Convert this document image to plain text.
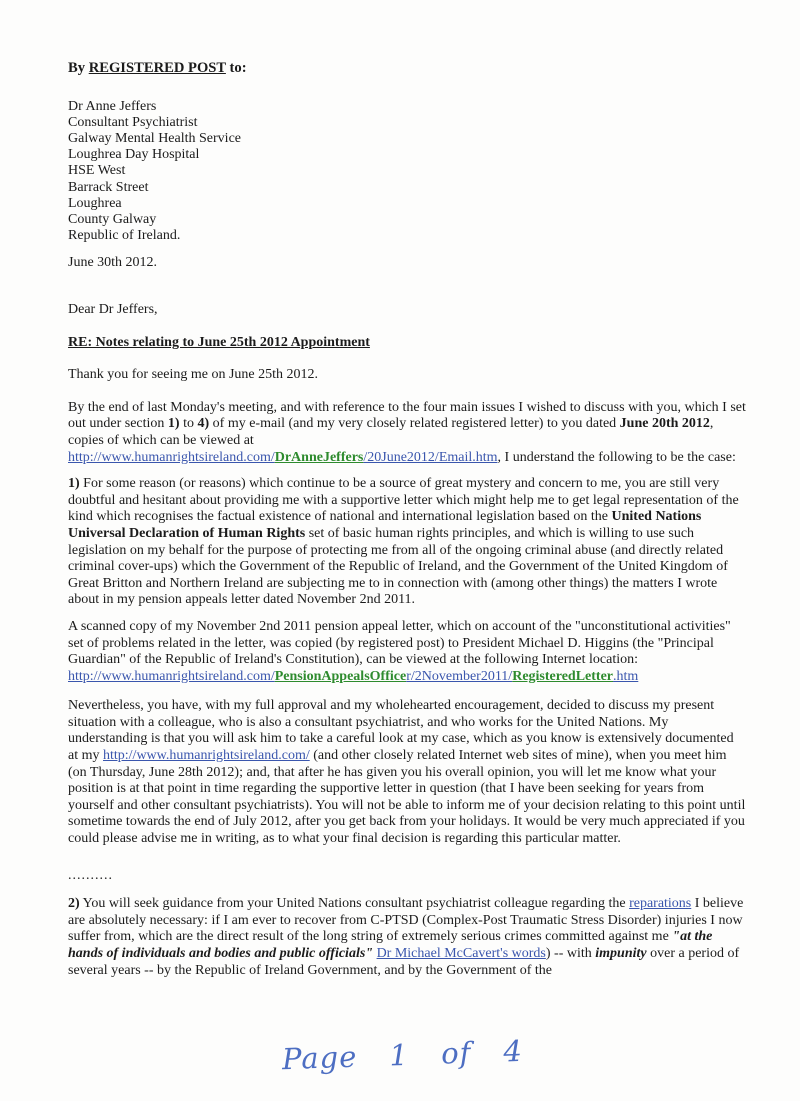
By REGISTERED POST to:

Dr Anne Jeffers
Consultant Psychiatrist
Galway Mental Health Service
Loughrea Day Hospital
HSE West
Barrack Street
Loughrea
County Galway
Republic of Ireland.

June 30th 2012.

Dear Dr Jeffers,

RE: Notes relating to June 25th 2012 Appointment

Thank you for seeing me on June 25th 2012.

By the end of last Monday's meeting, and with reference to the four main issues I wished to discuss with you, which I set out under section 1) to 4) of my e-mail (and my very closely related registered letter) to you dated June 20th 2012, copies of which can be viewed at
http://www.humanrightsireland.com/DrAnneJeffers/20June2012/Email.htm, I understand the following to be the case:

1) For some reason (or reasons) which continue to be a source of great mystery and concern to me, you are still very doubtful and hesitant about providing me with a supportive letter which might help me to get legal representation of the kind which recognises the factual existence of national and international legislation based on the United Nations Universal Declaration of Human Rights set of basic human rights principles, and which is willing to use such legislation on my behalf for the purpose of protecting me from all of the ongoing criminal abuse (and directly related criminal cover-ups) which the Government of the Republic of Ireland, and the Government of the United Kingdom of Great Britton and Northern Ireland are subjecting me to in connection with (among other things) the matters I wrote about in my pension appeals letter dated November 2nd 2011.

A scanned copy of my November 2nd 2011 pension appeal letter, which on account of the "unconstitutional activities" set of problems related in the letter, was copied (by registered post) to President Michael D. Higgins (the "Principal Guardian" of the Republic of Ireland's Constitution), can be viewed at the following Internet location:
http://www.humanrightsireland.com/PensionAppealsOfficer/2November2011/RegisteredLetter.htm

Nevertheless, you have, with my full approval and my wholehearted encouragement, decided to discuss my present situation with a colleague, who is also a consultant psychiatrist, and who works for the United Nations. My understanding is that you will ask him to take a careful look at my case, which as you know is extensively documented at my http://www.humanrightsireland.com/ (and other closely related Internet web sites of mine), when you meet him (on Thursday, June 28th 2012); and, that after he has given you his overall opinion, you will let me know what your position is at that point in time regarding the supportive letter in question (that I have been seeking for years from yourself and other consultant psychiatrists). You will not be able to inform me of your decision relating to this point until sometime towards the end of July 2012, after you get back from your holidays. It would be very much appreciated if you could please advise me in writing, as to what your final decision is regarding this particular matter.

..........

2) You will seek guidance from your United Nations consultant psychiatrist colleague regarding the reparations I believe are absolutely necessary: if I am ever to recover from C-PTSD (Complex-Post Traumatic Stress Disorder) injuries I now suffer from, which are the direct result of the long string of extremely serious crimes committed against me "at the hands of individuals and bodies and public officials" Dr Michael McCavert's words) -- with impunity over a period of several years -- by the Republic of Ireland Government, and by the Government of the

Page 1 of 4
